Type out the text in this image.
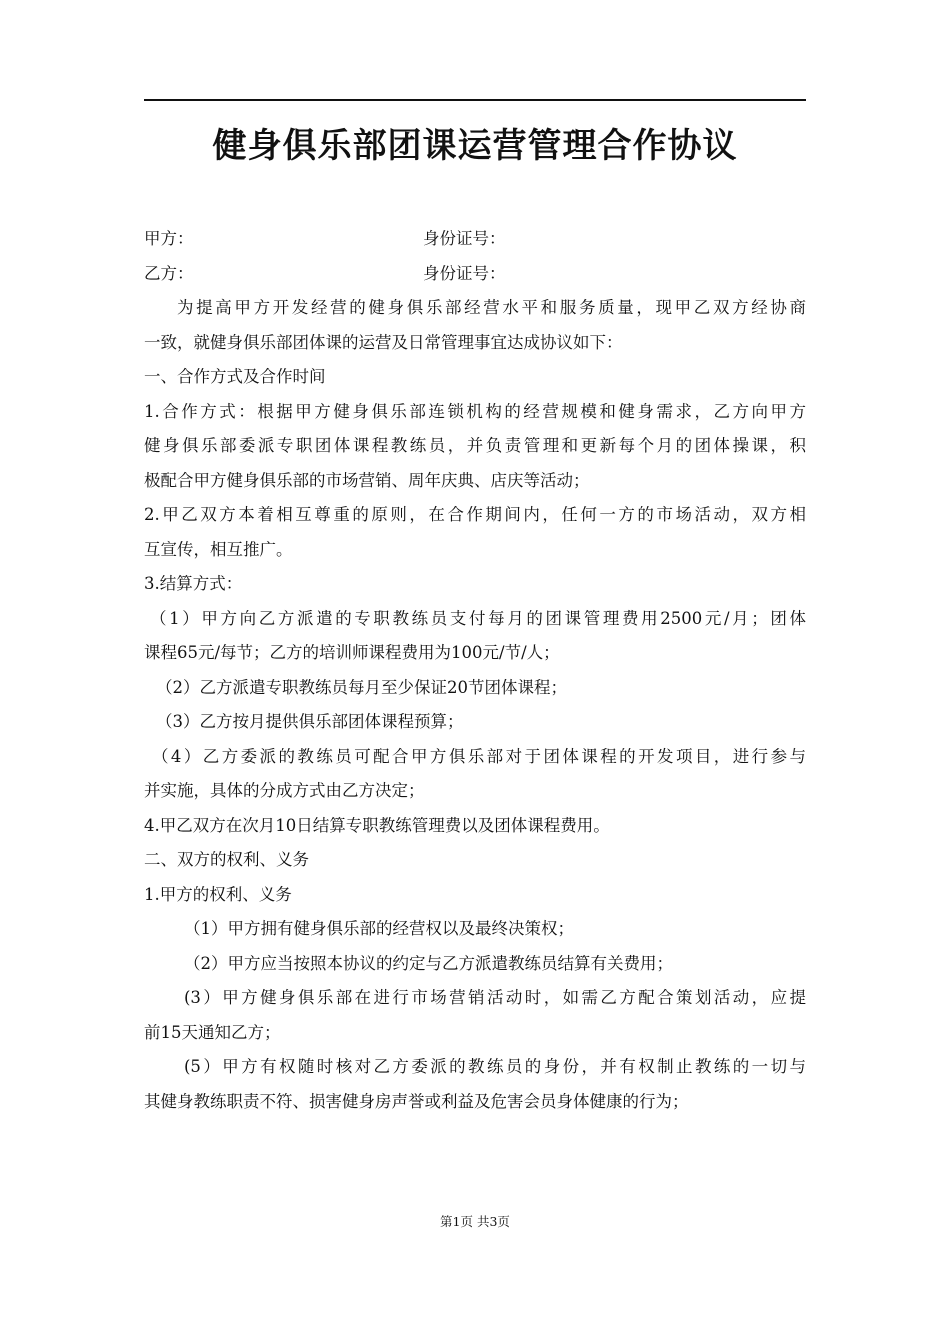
健身俱乐部团课运营管理合作协议
甲方：	身份证号：
乙方：	身份证号：
为提高甲方开发经营的健身俱乐部经营水平和服务质量，现甲乙双方经协商
一致，就健身俱乐部团体课的运营及日常管理事宜达成协议如下：
一、合作方式及合作时间
1.合作方式：根据甲方健身俱乐部连锁机构的经营规模和健身需求，乙方向甲方
健身俱乐部委派专职团体课程教练员，并负责管理和更新每个月的团体操课，积
极配合甲方健身俱乐部的市场营销、周年庆典、店庆等活动；
2.甲乙双方本着相互尊重的原则，在合作期间内，任何一方的市场活动，双方相
互宣传，相互推广。
3.结算方式：
（1）甲方向乙方派遣的专职教练员支付每月的团课管理费用2500元/月；团体
课程65元/每节；乙方的培训师课程费用为100元/节/人；
（2）乙方派遣专职教练员每月至少保证20节团体课程；
（3）乙方按月提供俱乐部团体课程预算；
（4）乙方委派的教练员可配合甲方俱乐部对于团体课程的开发项目，进行参与
并实施，具体的分成方式由乙方决定；
4.甲乙双方在次月10日结算专职教练管理费以及团体课程费用。
二、双方的权利、义务
1.甲方的权利、义务
（1）甲方拥有健身俱乐部的经营权以及最终决策权；
（2）甲方应当按照本协议的约定与乙方派遣教练员结算有关费用；
(3）甲方健身俱乐部在进行市场营销活动时，如需乙方配合策划活动，应提
前15天通知乙方；
(5）甲方有权随时核对乙方委派的教练员的身份，并有权制止教练的一切与
其健身教练职责不符、损害健身房声誉或利益及危害会员身体健康的行为；
第1页 共3页
